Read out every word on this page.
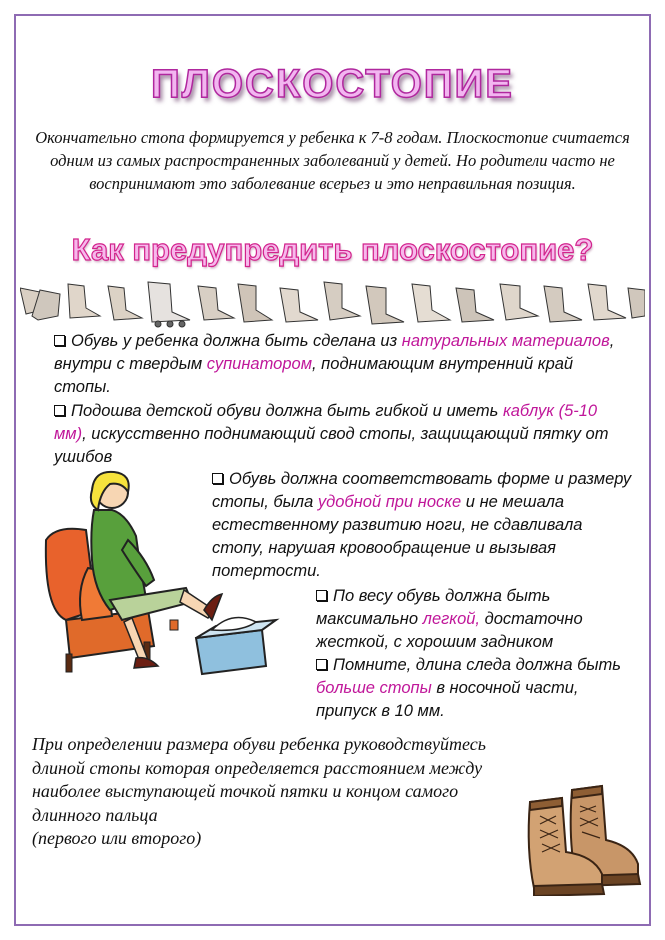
ПЛОСКОСТОПИЕ

Окончательно стопа формируется у ребенка к 7-8 годам. Плоскостопие считается одним из самых распространенных заболеваний у детей. Но родители часто не воспринимают это заболевание всерьез и это неправильная позиция.

Как предупредить плоскостопие?
Обувь у ребенка должна быть сделана из натуральных материалов, внутри с твердым супинатором, поднимающим внутренний край стопы.
Подошва детской обуви должна быть гибкой и иметь каблук (5-10 мм), искусственно поднимающий свод стопы, защищающий пятку от ушибов
Обувь должна соответствовать форме и размеру стопы, была удобной при носке и не мешала естественному развитию ноги, не сдавливала стопу, нарушая кровообращение и вызывая потертости.
По весу обувь должна быть максимально легкой, достаточно жесткой, с хорошим задником
Помните, длина следа должна быть больше стопы в носочной части, припуск в 10 мм.
При определении размера обуви ребенка руководствуйтесь длиной стопы которая определяется расстоянием между наиболее выступающей точкой пятки и концом самого длинного пальца
(первого или второго)
